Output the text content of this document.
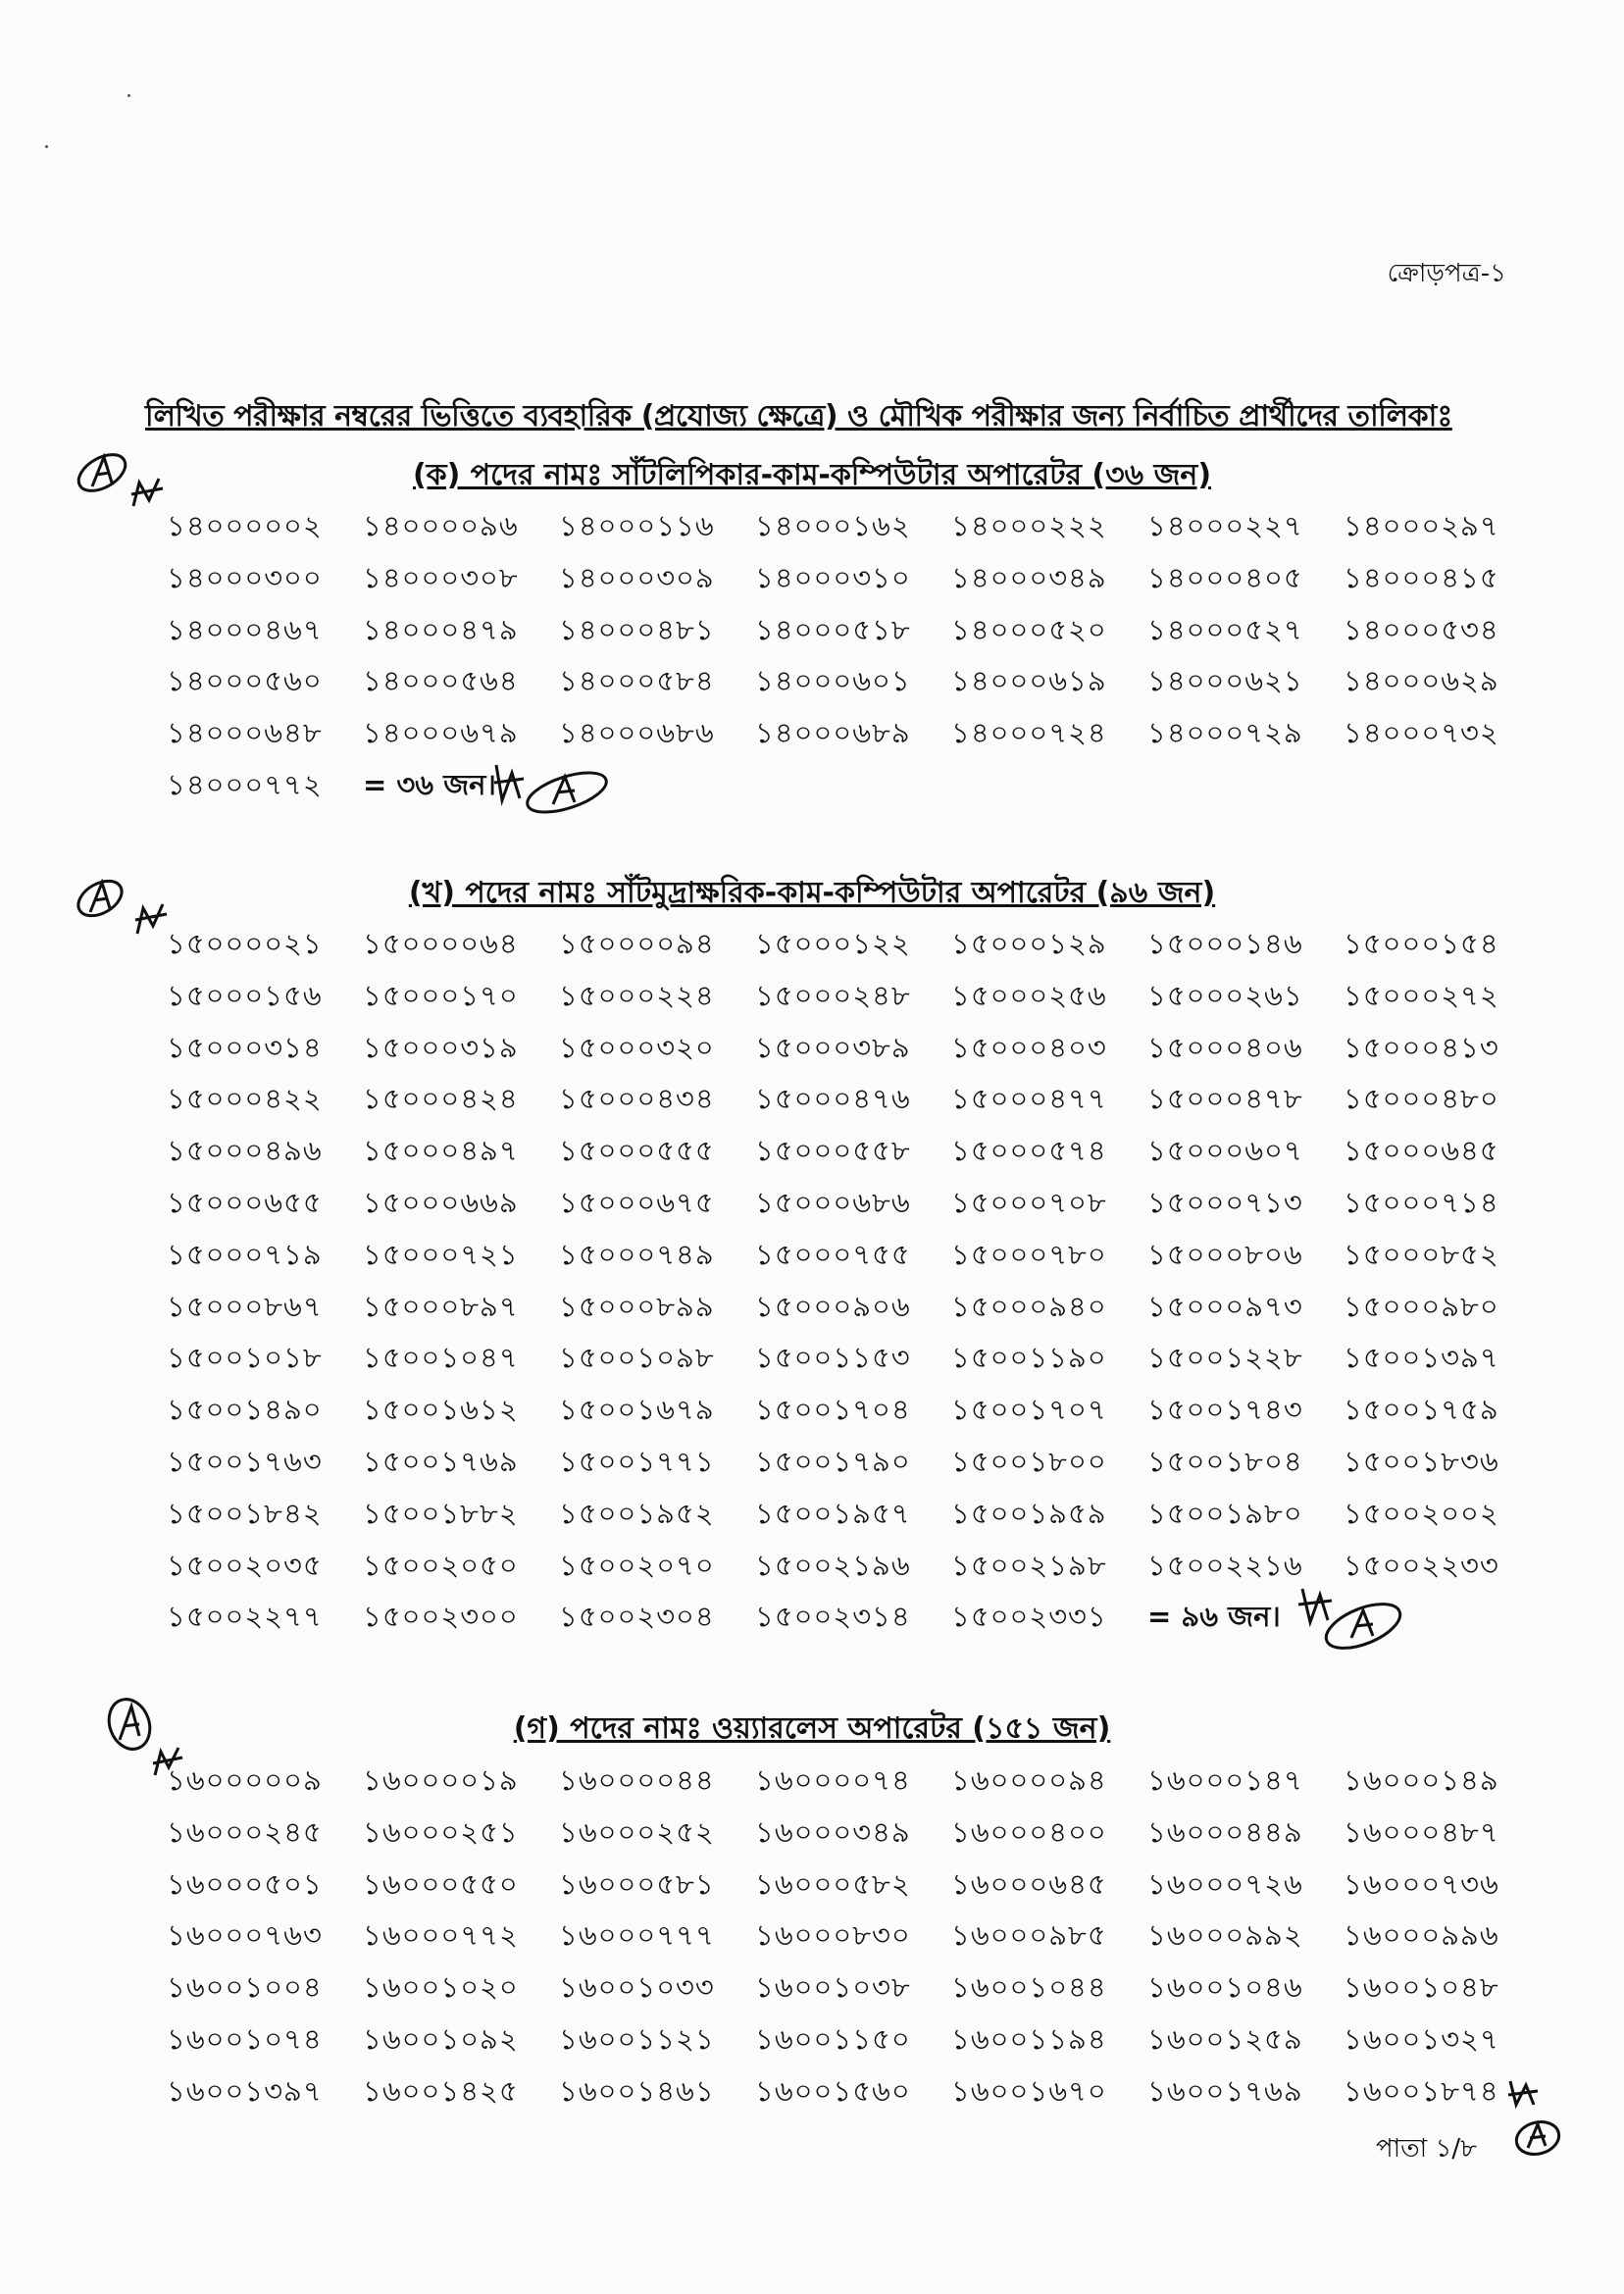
ক্রোড়পত্র-১
লিখিত পরীক্ষার নম্বরের ভিত্তিতে ব্যবহারিক (প্রযোজ্য ক্ষেত্রে) ও মৌখিক পরীক্ষার জন্য নির্বাচিত প্রার্থীদের তালিকাঃ
(ক) পদের নামঃ সাঁটলিপিকার-কাম-কম্পিউটার অপারেটর (৩৬ জন)
১৪০০০০০২ ১৪০০০০৯৬ ১৪০০০১১৬ ১৪০০০১৬২ ১৪০০০২২২ ১৪০০০২২৭ ১৪০০০২৯৭
১৪০০০৩০০ ১৪০০০৩০৮ ১৪০০০৩০৯ ১৪০০০৩১০ ১৪০০০৩৪৯ ১৪০০০৪০৫ ১৪০০০৪১৫
১৪০০০৪৬৭ ১৪০০০৪৭৯ ১৪০০০৪৮১ ১৪০০০৫১৮ ১৪০০০৫২০ ১৪০০০৫২৭ ১৪০০০৫৩৪
১৪০০০৫৬০ ১৪০০০৫৬৪ ১৪০০০৫৮৪ ১৪০০০৬০১ ১৪০০০৬১৯ ১৪০০০৬২১ ১৪০০০৬২৯
১৪০০০৬৪৮ ১৪০০০৬৭৯ ১৪০০০৬৮৬ ১৪০০০৬৮৯ ১৪০০০৭২৪ ১৪০০০৭২৯ ১৪০০০৭৩২
১৪০০০৭৭২ = ৩৬ জন।
(খ) পদের নামঃ সাঁটমুদ্রাক্ষরিক-কাম-কম্পিউটার অপারেটর (৯৬ জন)
১৫০০০০২১ ১৫০০০০৬৪ ১৫০০০০৯৪ ১৫০০০১২২ ১৫০০০১২৯ ১৫০০০১৪৬ ১৫০০০১৫৪
১৫০০০১৫৬ ১৫০০০১৭০ ১৫০০০২২৪ ১৫০০০২৪৮ ১৫০০০২৫৬ ১৫০০০২৬১ ১৫০০০২৭২
১৫০০০৩১৪ ১৫০০০৩১৯ ১৫০০০৩২০ ১৫০০০৩৮৯ ১৫০০০৪০৩ ১৫০০০৪০৬ ১৫০০০৪১৩
১৫০০০৪২২ ১৫০০০৪২৪ ১৫০০০৪৩৪ ১৫০০০৪৭৬ ১৫০০০৪৭৭ ১৫০০০৪৭৮ ১৫০০০৪৮০
১৫০০০৪৯৬ ১৫০০০৪৯৭ ১৫০০০৫৫৫ ১৫০০০৫৫৮ ১৫০০০৫৭৪ ১৫০০০৬০৭ ১৫০০০৬৪৫
১৫০০০৬৫৫ ১৫০০০৬৬৯ ১৫০০০৬৭৫ ১৫০০০৬৮৬ ১৫০০০৭০৮ ১৫০০০৭১৩ ১৫০০০৭১৪
১৫০০০৭১৯ ১৫০০০৭২১ ১৫০০০৭৪৯ ১৫০০০৭৫৫ ১৫০০০৭৮০ ১৫০০০৮০৬ ১৫০০০৮৫২
১৫০০০৮৬৭ ১৫০০০৮৯৭ ১৫০০০৮৯৯ ১৫০০০৯০৬ ১৫০০০৯৪০ ১৫০০০৯৭৩ ১৫০০০৯৮০
১৫০০১০১৮ ১৫০০১০৪৭ ১৫০০১০৯৮ ১৫০০১১৫৩ ১৫০০১১৯০ ১৫০০১২২৮ ১৫০০১৩৯৭
১৫০০১৪৯০ ১৫০০১৬১২ ১৫০০১৬৭৯ ১৫০০১৭০৪ ১৫০০১৭০৭ ১৫০০১৭৪৩ ১৫০০১৭৫৯
১৫০০১৭৬৩ ১৫০০১৭৬৯ ১৫০০১৭৭১ ১৫০০১৭৯০ ১৫০০১৮০০ ১৫০০১৮০৪ ১৫০০১৮৩৬
১৫০০১৮৪২ ১৫০০১৮৮২ ১৫০০১৯৫২ ১৫০০১৯৫৭ ১৫০০১৯৫৯ ১৫০০১৯৮০ ১৫০০২০০২
১৫০০২০৩৫ ১৫০০২০৫০ ১৫০০২০৭০ ১৫০০২১৯৬ ১৫০০২১৯৮ ১৫০০২২১৬ ১৫০০২২৩৩
১৫০০২২৭৭ ১৫০০২৩০০ ১৫০০২৩০৪ ১৫০০২৩১৪ ১৫০০২৩৩১ = ৯৬ জন।
(গ) পদের নামঃ ওয়্যারলেস অপারেটর (১৫১ জন)
১৬০০০০০৯ ১৬০০০০১৯ ১৬০০০০৪৪ ১৬০০০০৭৪ ১৬০০০০৯৪ ১৬০০০১৪৭ ১৬০০০১৪৯
১৬০০০২৪৫ ১৬০০০২৫১ ১৬০০০২৫২ ১৬০০০৩৪৯ ১৬০০০৪০০ ১৬০০০৪৪৯ ১৬০০০৪৮৭
১৬০০০৫০১ ১৬০০০৫৫০ ১৬০০০৫৮১ ১৬০০০৫৮২ ১৬০০০৬৪৫ ১৬০০০৭২৬ ১৬০০০৭৩৬
১৬০০০৭৬৩ ১৬০০০৭৭২ ১৬০০০৭৭৭ ১৬০০০৮৩০ ১৬০০০৯৮৫ ১৬০০০৯৯২ ১৬০০০৯৯৬
১৬০০১০০৪ ১৬০০১০২০ ১৬০০১০৩৩ ১৬০০১০৩৮ ১৬০০১০৪৪ ১৬০০১০৪৬ ১৬০০১০৪৮
১৬০০১০৭৪ ১৬০০১০৯২ ১৬০০১১২১ ১৬০০১১৫০ ১৬০০১১৯৪ ১৬০০১২৫৯ ১৬০০১৩২৭
১৬০০১৩৯৭ ১৬০০১৪২৫ ১৬০০১৪৬১ ১৬০০১৫৬০ ১৬০০১৬৭০ ১৬০০১৭৬৯ ১৬০০১৮৭৪
পাতা ১/৮
